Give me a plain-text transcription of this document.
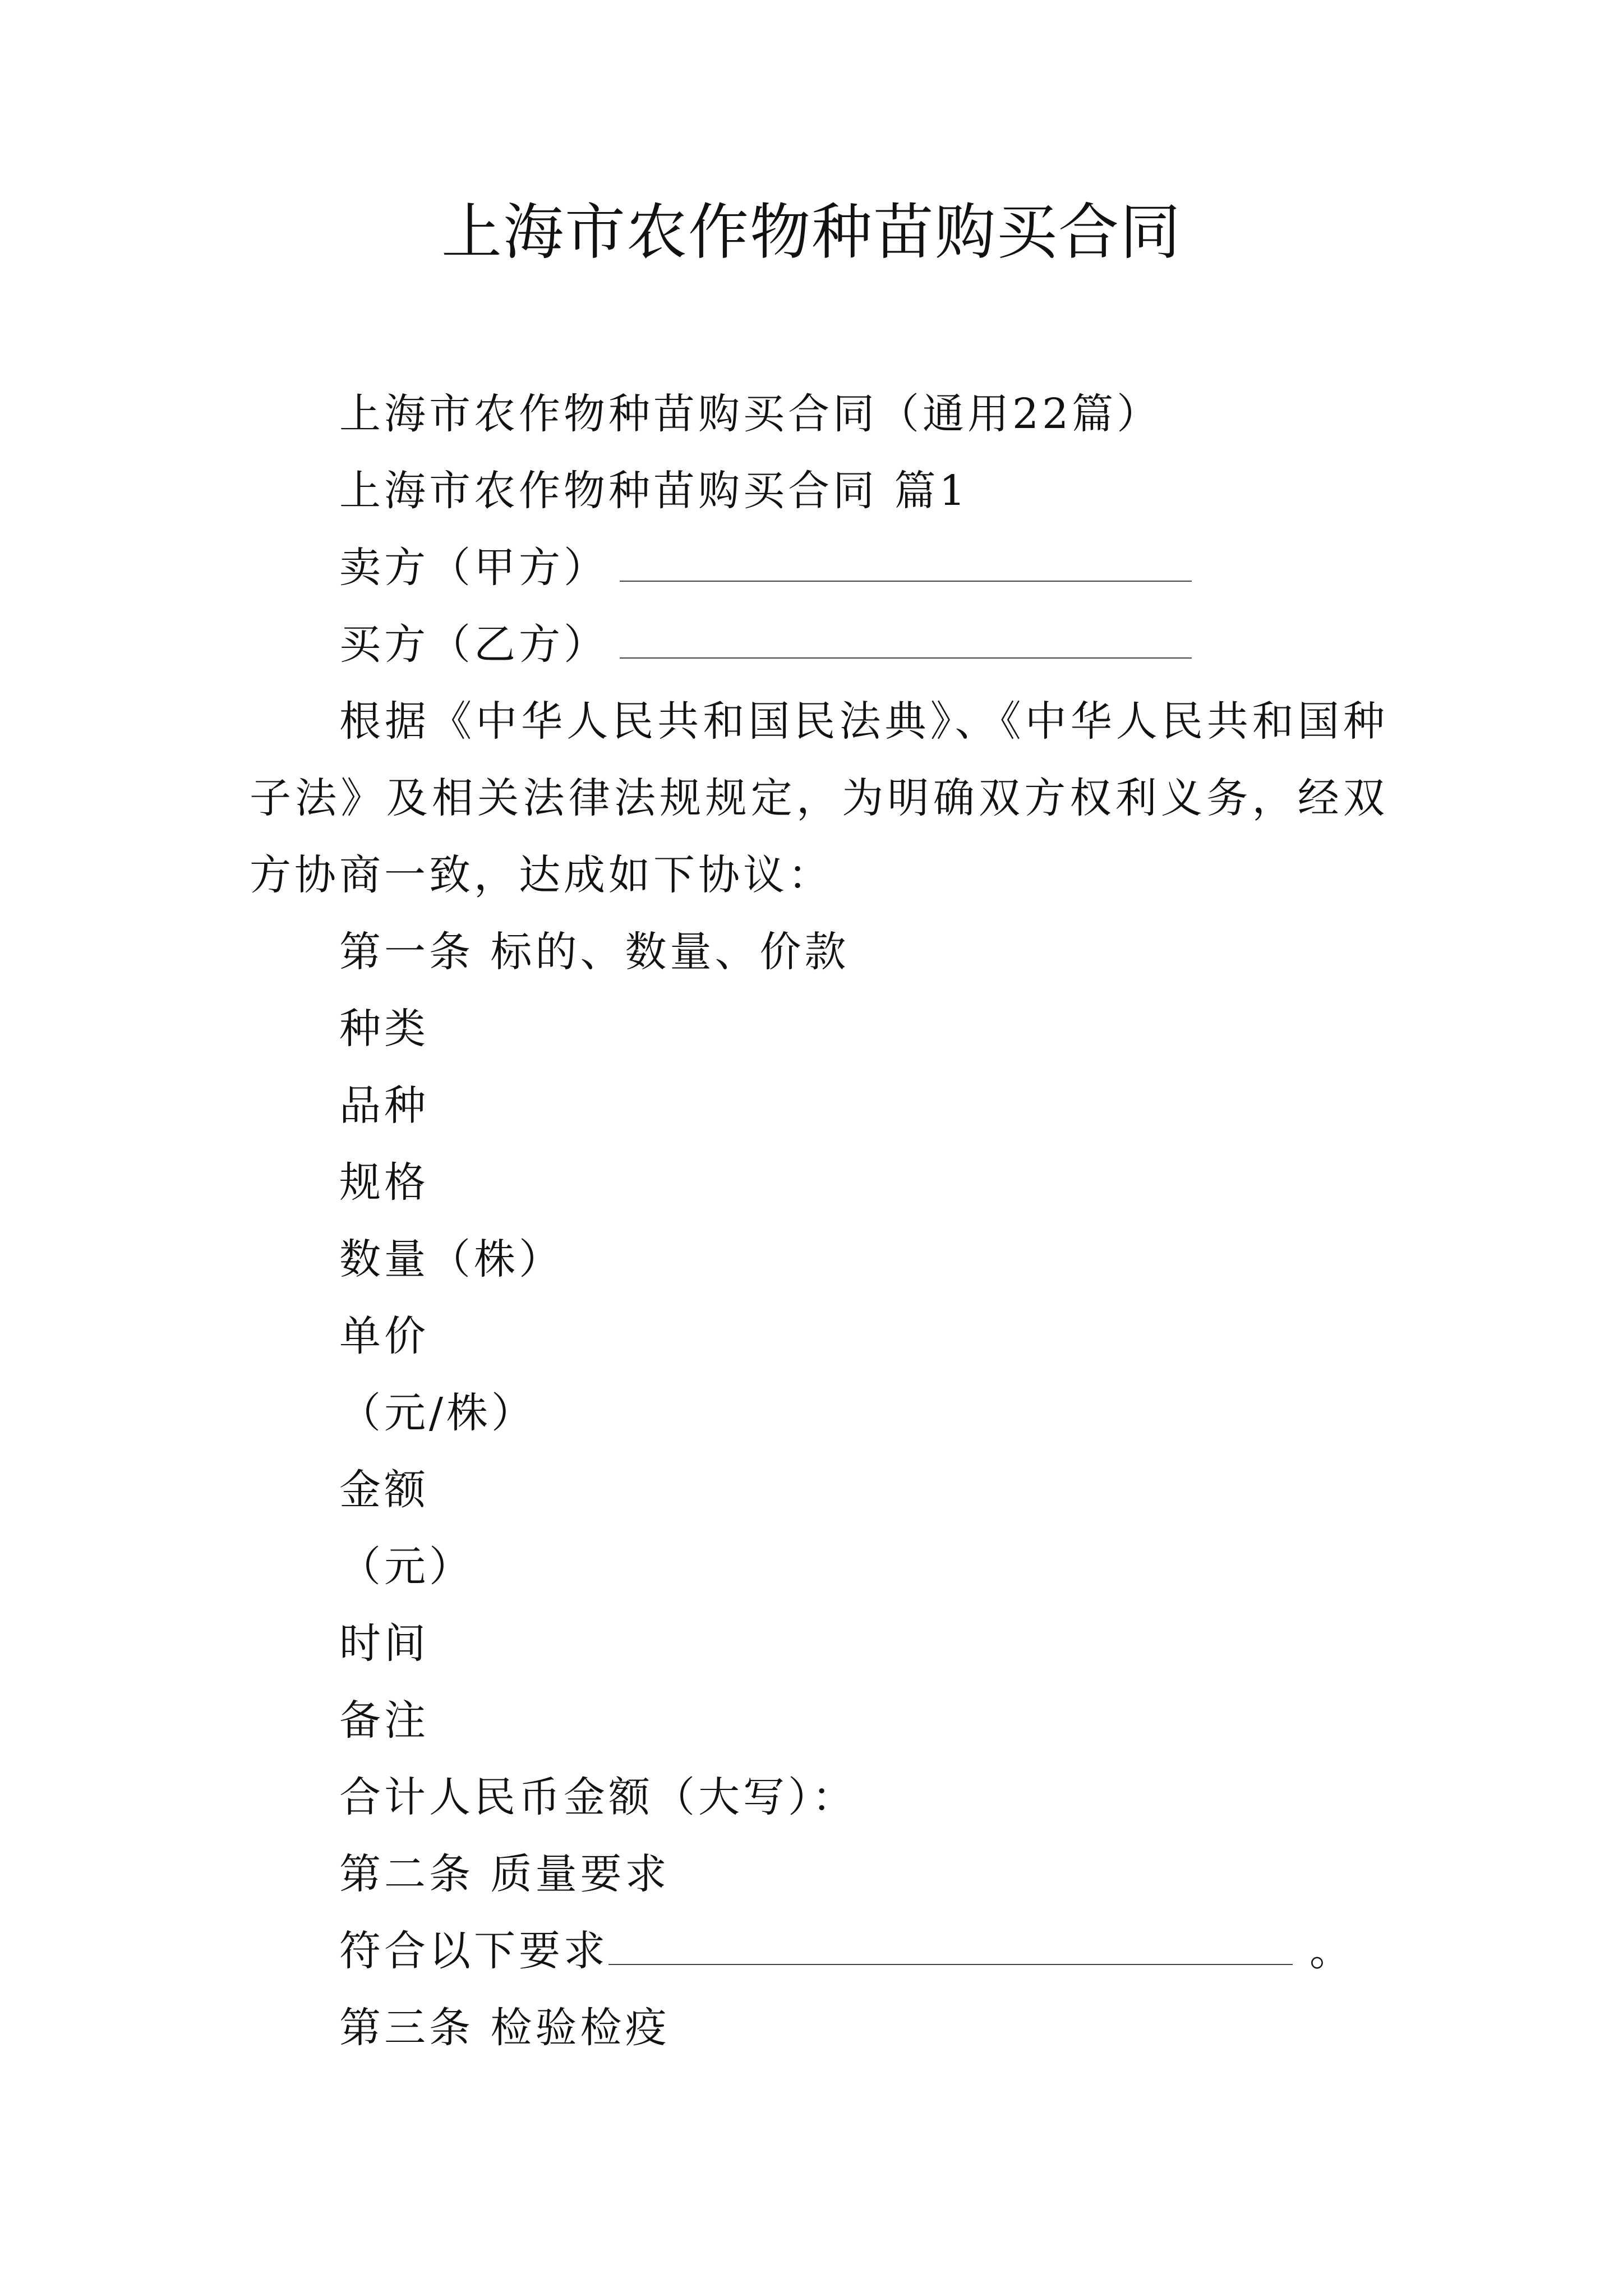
上海市农作物种苗购买合同

上海市农作物种苗购买合同（通用22篇）

上海市农作物种苗购买合同 篇1

卖方（甲方）

买方（乙方）

根据《中华人民共和国民法典》、《中华人民共和国种子法》及相关法律法规规定，为明确双方权利义务，经双方协商一致，达成如下协议：

第一条 标的、数量、价款

种类

品种

规格

数量（株）

单价

（元/株）

金额

（元）

时间

备注

合计人民币金额（大写）：

第二条 质量要求

符合以下要求	。

第三条 检验检疫
